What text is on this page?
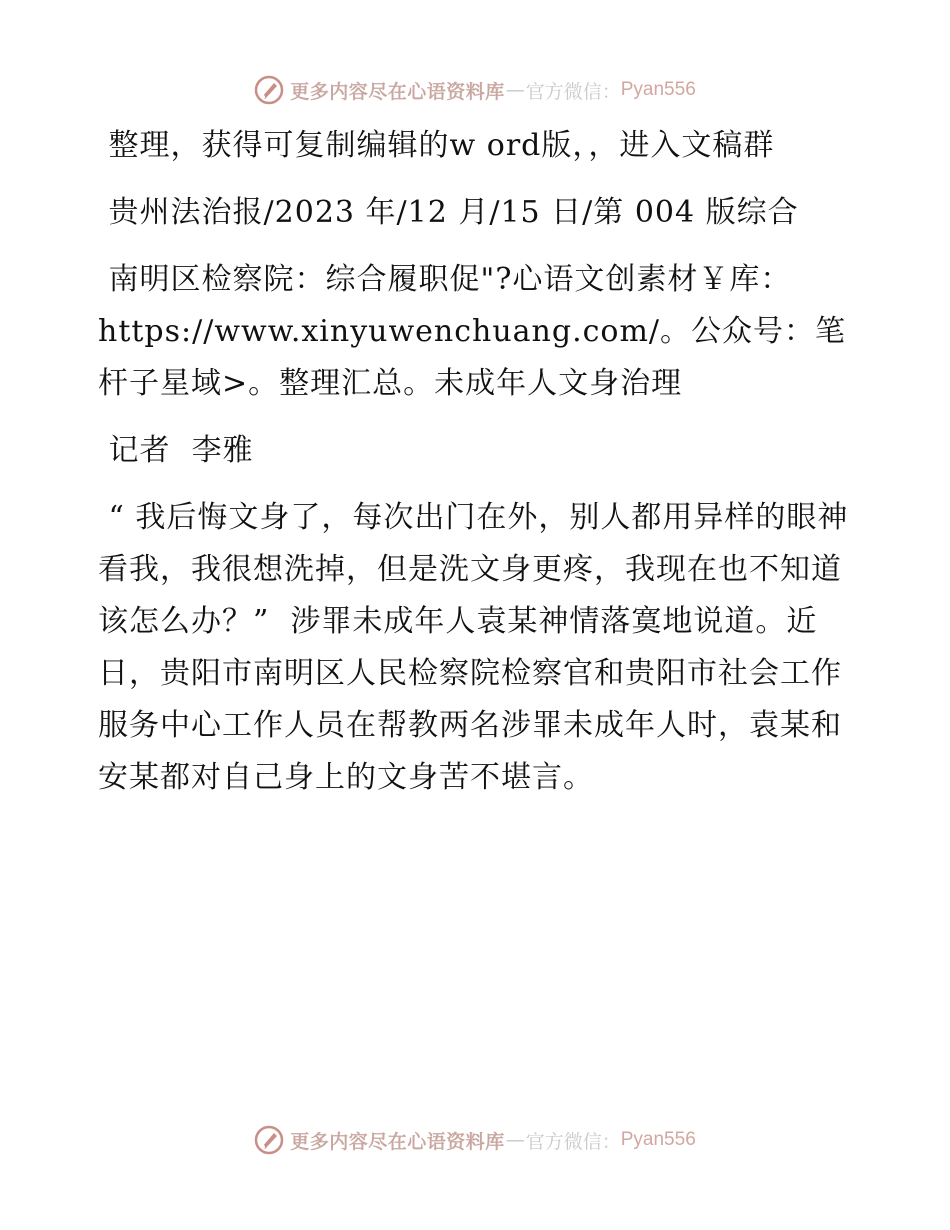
更多内容尽在心语资料库 — 官方微信： Pyan556

整理，获得可复制编辑的w ord版，，进入文稿群

贵州法治报/2023 年/12 月/15 日/第 004 版综合

南明区检察院：综合履职促"?心语文创素材￥库：https://www.xinyuwenchuang.com/。公众号：笔杆子星域>。整理汇总。未成年人文身治理

记者  李雅

“ 我后悔文身了，每次出门在外，别人都用异样的眼神看我，我很想洗掉，但是洗文身更疼，我现在也不知道该怎么办？”  涉罪未成年人袁某神情落寞地说道。近日，贵阳市南明区人民检察院检察官和贵阳市社会工作服务中心工作人员在帮教两名涉罪未成年人时，袁某和安某都对自己身上的文身苦不堪言。

更多内容尽在心语资料库 — 官方微信： Pyan556
